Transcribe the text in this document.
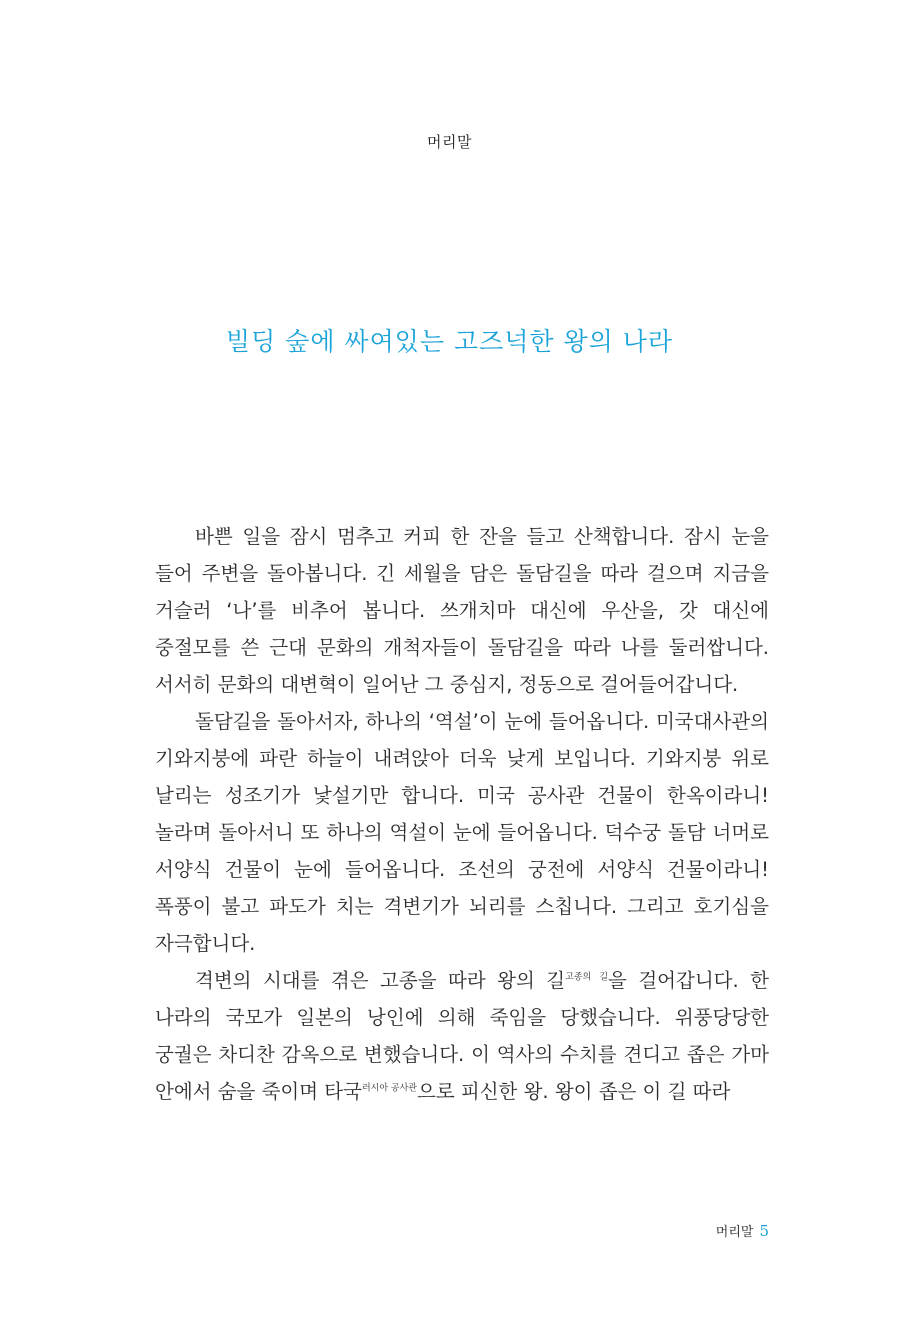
머리말
빌딩 숲에 싸여있는 고즈넉한 왕의 나라

바쁜 일을 잠시 멈추고 커피 한 잔을 들고 산책합니다. 잠시 눈을 들어 주변을 돌아봅니다. 긴 세월을 담은 돌담길을 따라 걸으며 지금을 거슬러 ‘나’를 비추어 봅니다. 쓰개치마 대신에 우산을, 갓 대신에 중절모를 쓴 근대 문화의 개척자들이 돌담길을 따라 나를 둘러쌉니다. 서서히 문화의 대변혁이 일어난 그 중심지, 정동으로 걸어들어갑니다.

돌담길을 돌아서자, 하나의 ‘역설’이 눈에 들어옵니다. 미국대사관의 기와지붕에 파란 하늘이 내려앉아 더욱 낮게 보입니다. 기와지붕 위로 날리는 성조기가 낯설기만 합니다. 미국 공사관 건물이 한옥이라니! 놀라며 돌아서니 또 하나의 역설이 눈에 들어옵니다. 덕수궁 돌담 너머로 서양식 건물이 눈에 들어옵니다. 조선의 궁전에 서양식 건물이라니! 폭풍이 불고 파도가 치는 격변기가 뇌리를 스칩니다. 그리고 호기심을 자극합니다.

격변의 시대를 겪은 고종을 따라 왕의 길$^{고종의 길}$을 걸어갑니다. 한 나라의 국모가 일본의 낭인에 의해 죽임을 당했습니다. 위풍당당한 궁궐은 차디찬 감옥으로 변했습니다. 이 역사의 수치를 견디고 좁은 가마 안에서 숨을 죽이며 타국$^{러시아 공사관}$으로 피신한 왕. 왕이 좁은 이 길 따라

머리말 5
